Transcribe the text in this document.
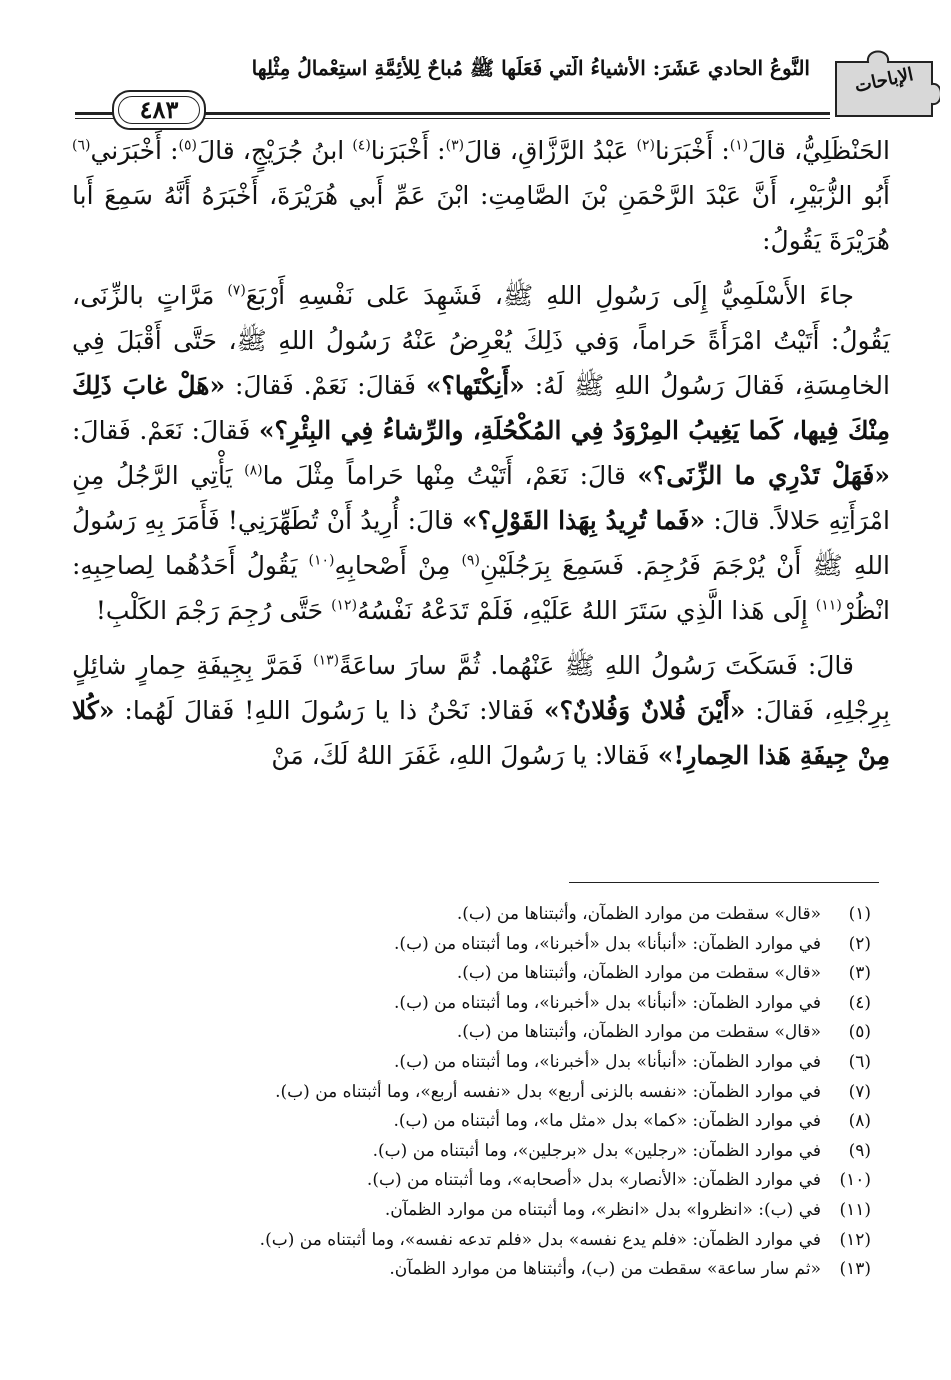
النَّوعُ الحادي عَشَرَ: الأشياءُ الَّتي فَعَلَها ﷺ مُباحٌ لِلأئِمَّةِ استِعْمالُ مِثْلِها
٤٨٣
الإباحات

الحَنْظَلِيُّ، قالَ$^{(١)}$: أَخْبَرَنا$^{(٢)}$ عَبْدُ الرَّزَّاقِ، قالَ$^{(٣)}$: أَخْبَرَنا$^{(٤)}$ ابنُ جُرَيْجٍ، قالَ$^{(٥)}$: أَخْبَرَني$^{(٦)}$ أَبُو الزُّبَيْرِ، أَنَّ عَبْدَ الرَّحْمَنِ بْنَ الصَّامِتِ: ابْنَ عَمِّ أَبي هُرَيْرَةَ، أَخْبَرَهُ أَنَّهُ سَمِعَ أَبا هُرَيْرَةَ يَقُولُ:

جاءَ الأَسْلَمِيُّ إِلَى رَسُولِ اللهِ ﷺ، فَشَهِدَ عَلى نَفْسِهِ أَرْبَعَ$^{(٧)}$ مَرَّاتٍ بالزِّنَى، يَقُولُ: أَتَيْتُ امْرَأَةً حَراماً، وَفي ذَلِكَ يُعْرِضُ عَنْهُ رَسُولُ اللهِ ﷺ، حَتَّى أَقْبَلَ فِي الخامِسَةِ، فَقالَ رَسُولُ اللهِ ﷺ لَهُ: «أَنِكْتَها؟» فَقالَ: نَعَمْ. فَقالَ: «هَلْ غابَ ذَلِكَ مِنْكَ فِيها، كَما يَغِيبُ المِرْوَدُ فِي المُكْحُلَةِ، والرِّشاءُ فِي البِئْرِ؟» فَقالَ: نَعَمْ. فَقالَ: «فَهَلْ تَدْرِي ما الزِّنَى؟» قالَ: نَعَمْ، أَتَيْتُ مِنْها حَراماً مِثْلَ ما$^{(٨)}$ يَأْتِي الرَّجُلُ مِنِ امْرَأَتِهِ حَلالاً. قالَ: «فَما تُرِيدُ بِهَذا القَوْلِ؟» قالَ: أُرِيدُ أَنْ تُطَهِّرَنِي! فَأَمَرَ بِهِ رَسُولُ اللهِ ﷺ أَنْ يُرْجَمَ فَرُجِمَ. فَسَمِعَ بِرَجُلَيْنِ$^{(٩)}$ مِنْ أَصْحابِهِ$^{(١٠)}$ يَقُولُ أَحَدُهُما لِصاحِبِهِ: انْظُرْ$^{(١١)}$ إِلَى هَذا الَّذِي سَتَرَ اللهُ عَلَيْهِ، فَلَمْ تَدَعْهُ نَفْسُهُ$^{(١٢)}$ حَتَّى رُجِمَ رَجْمَ الكَلْبِ!

قالَ: فَسَكَتَ رَسُولُ اللهِ ﷺ عَنْهُما. ثُمَّ سارَ ساعَةً$^{(١٣)}$ فَمَرَّ بِجِيفَةِ حِمارٍ شائِلٍ بِرِجْلِهِ، فَقالَ: «أَيْنَ فُلانٌ وَفُلانٌ؟» فَقالا: نَحْنُ ذا يا رَسُولَ اللهِ! فَقالَ لَهُما: «كُلا مِنْ جِيفَةِ هَذا الحِمارِ!» فَقالا: يا رَسُولَ اللهِ، غَفَرَ اللهُ لَكَ، مَنْ

(١)«قال» سقطت من موارد الظمآن، وأثبتناها من (ب).
(٢)في موارد الظمآن: «أنبأنا» بدل «أخبرنا»، وما أثبتناه من (ب).
(٣)«قال» سقطت من موارد الظمآن، وأثبتناها من (ب).
(٤)في موارد الظمآن: «أنبأنا» بدل «أخبرنا»، وما أثبتناه من (ب).
(٥)«قال» سقطت من موارد الظمآن، وأثبتناها من (ب).
(٦)في موارد الظمآن: «أنبأنا» بدل «أخبرنا»، وما أثبتناه من (ب).
(٧)في موارد الظمآن: «نفسه بالزنى أربع» بدل «نفسه أربع»، وما أثبتناه من (ب).
(٨)في موارد الظمآن: «كما» بدل «مثل ما»، وما أثبتناه من (ب).
(٩)في موارد الظمآن: «رجلين» بدل «برجلين»، وما أثبتناه من (ب).
(١٠)في موارد الظمآن: «الأنصار» بدل «أصحابه»، وما أثبتناه من (ب).
(١١)في (ب): «انظروا» بدل «انظر»، وما أثبتناه من موارد الظمآن.
(١٢)في موارد الظمآن: «فلم يدع نفسه» بدل «فلم تدعه نفسه»، وما أثبتناه من (ب).
(١٣)«ثم سار ساعة» سقطت من (ب)، وأثبتناها من موارد الظمآن.
